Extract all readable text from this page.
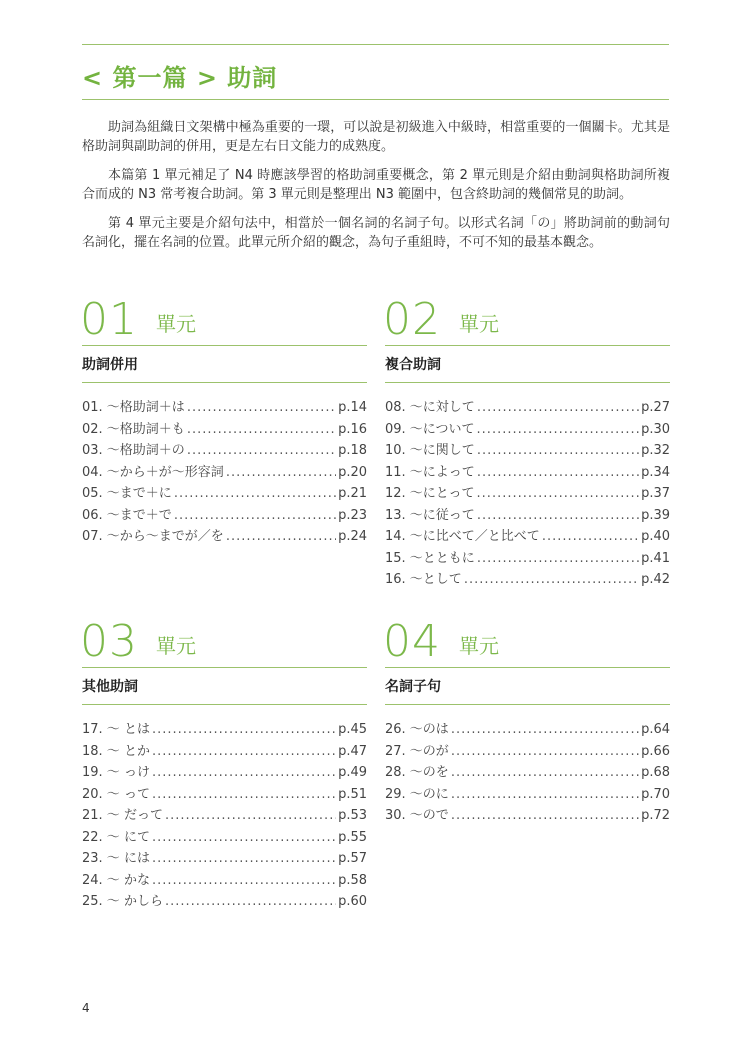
< 第一篇 > 助詞

助詞為組織日文架構中極為重要的一環，可以說是初級進入中級時，相當重要的一個關卡。尤其是格助詞與副助詞的併用，更是左右日文能力的成熟度。

本篇第 1 單元補足了 N4 時應該學習的格助詞重要概念，第 2 單元則是介紹由動詞與格助詞所複合而成的 N3 常考複合助詞。第 3 單元則是整理出 N3 範圍中，包含終助詞的幾個常見的助詞。

第 4 單元主要是介紹句法中，相當於一個名詞的名詞子句。以形式名詞「の」將助詞前的動詞句名詞化，擺在名詞的位置。此單元所介紹的觀念，為句子重組時，不可不知的最基本觀念。

01 單元
助詞併用
01. ～格助詞＋は .....	p.14
02. ～格助詞＋も .....	p.16
03. ～格助詞＋の .....	p.18
04. ～から＋が～形容詞 .....	p.20
05. ～まで＋に .....	p.21
06. ～まで＋で .....	p.23
07. ～から～までが／を .....	p.24
02 單元
複合助詞
08. ～に対して .....	p.27
09. ～について .....	p.30
10. ～に関して .....	p.32
11. ～によって .....	p.34
12. ～にとって .....	p.37
13. ～に従って .....	p.39
14. ～に比べて／と比べて .....	p.40
15. ～とともに .....	p.41
16. ～として .....	p.42
03 單元
其他助詞
17. ～ とは .....	p.45
18. ～ とか .....	p.47
19. ～ っけ .....	p.49
20. ～ って .....	p.51
21. ～ だって .....	p.53
22. ～ にて .....	p.55
23. ～ には .....	p.57
24. ～ かな .....	p.58
25. ～ かしら .....	p.60
04 單元
名詞子句
26. ～のは .....	p.64
27. ～のが .....	p.66
28. ～のを .....	p.68
29. ～のに .....	p.70
30. ～ので .....	p.72
4
